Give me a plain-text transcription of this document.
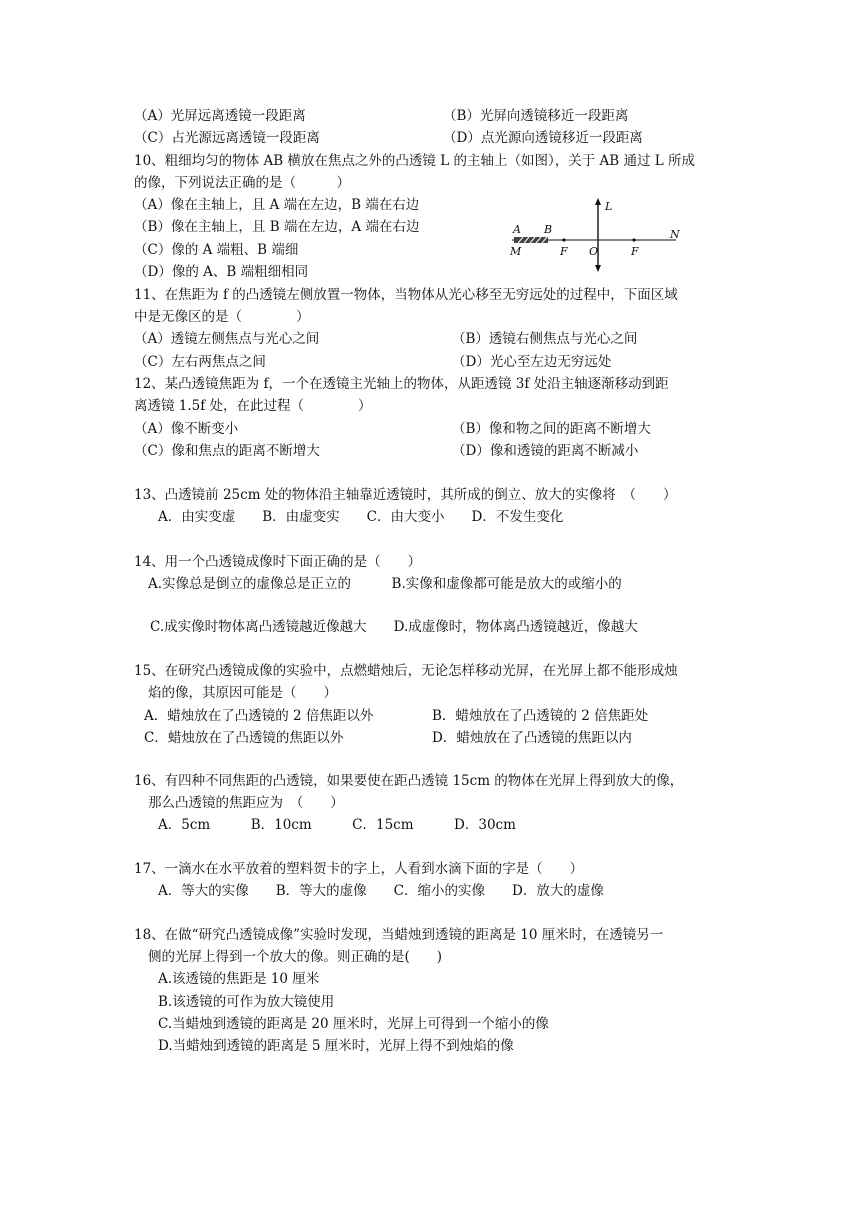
（A）光屏远离透镜一段距离	（B）光屏向透镜移近一段距离
（C）占光源远离透镜一段距离	（D）点光源向透镜移近一段距离
10、粗细均匀的物体 AB 横放在焦点之外的凸透镜 L 的主轴上（如图），关于 AB 通过 L 所成
的像，下列说法正确的是（　　　）
（A）像在主轴上，且 A 端在左边，B 端在右边
（B）像在主轴上，且 B 端在左边，A 端在右边
（C）像的 A 端粗、B 端细
（D）像的 A、B 端粗细相同
A B
M	F O	F
N
L
11、在焦距为 f 的凸透镜左侧放置一物体，当物体从光心移至无穷远处的过程中，下面区域
中是无像区的是（　　　　）
（A）透镜左侧焦点与光心之间	（B）透镜右侧焦点与光心之间
（C）左右两焦点之间	（D）光心至左边无穷远处
12、某凸透镜焦距为 f，一个在透镜主光轴上的物体，从距透镜 3f 处沿主轴逐渐移动到距
离透镜 1.5f 处，在此过程（　　　　）
（A）像不断变小	（B）像和物之间的距离不断增大
（C）像和焦点的距离不断增大	（D）像和透镜的距离不断减小
13、凸透镜前 25cm 处的物体沿主轴靠近透镜时，其所成的倒立、放大的实像将　（　　）
A．由实变虚　　B．由虚变实　　C．由大变小　　D．不发生变化
14、用一个凸透镜成像时下面正确的是（　　）
A.实像总是倒立的虚像总是正立的　　　B.实像和虚像都可能是放大的或缩小的
C.成实像时物体离凸透镜越近像越大　　D.成虚像时，物体离凸透镜越近，像越大
15、在研究凸透镜成像的实验中，点燃蜡烛后，无论怎样移动光屏，在光屏上都不能形成烛
焰的像，其原因可能是（　　）
A．蜡烛放在了凸透镜的 2 倍焦距以外	B．蜡烛放在了凸透镜的 2 倍焦距处
C．蜡烛放在了凸透镜的焦距以外	D．蜡烛放在了凸透镜的焦距以内
16、有四种不同焦距的凸透镜，如果要使在距凸透镜 15cm 的物体在光屏上得到放大的像，
那么凸透镜的焦距应为　（　　）
A．5cm　　　B．10cm　　　C．15cm　　　D．30cm
17、一滴水在水平放着的塑料贺卡的字上，人看到水滴下面的字是（　　）
A．等大的实像　　B．等大的虚像　　C．缩小的实像　　D．放大的虚像
18、在做“研究凸透镜成像”实验时发现，当蜡烛到透镜的距离是 10 厘米时，在透镜另一
侧的光屏上得到一个放大的像。则正确的是(　　)
A.该透镜的焦距是 10 厘米
B.该透镜的可作为放大镜使用
C.当蜡烛到透镜的距离是 20 厘米时，光屏上可得到一个缩小的像
D.当蜡烛到透镜的距离是 5 厘米时，光屏上得不到烛焰的像
